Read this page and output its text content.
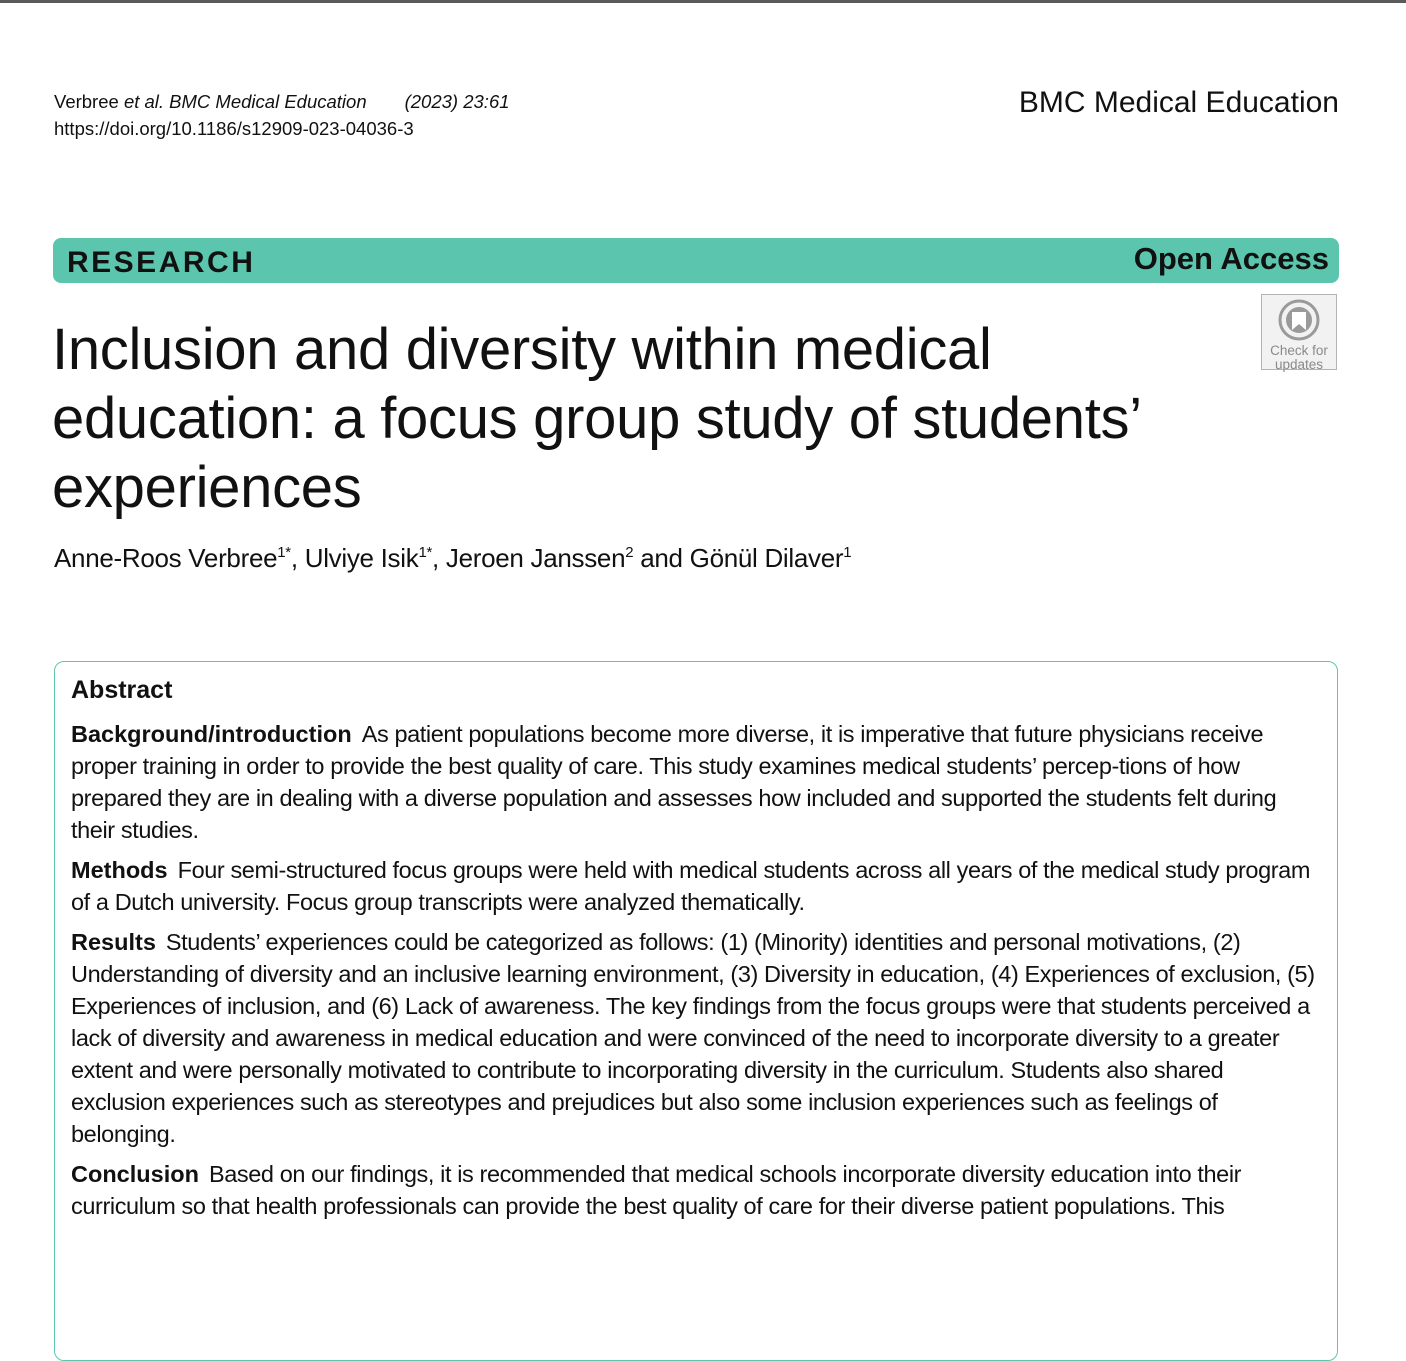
Verbree et al. BMC Medical Education (2023) 23:61
https://doi.org/10.1186/s12909-023-04036-3
BMC Medical Education
RESEARCH	Open Access
Check for
updates
Inclusion and diversity within medical education: a focus group study of students’ experiences
Anne-Roos Verbree$^{1*}$, Ulviye Isik$^{1*}$, Jeroen Janssen$^2$ and Gönül Dilaver$^1$
Abstract

Background/introduction As patient populations become more diverse, it is imperative that future physicians receive proper training in order to provide the best quality of care. This study examines medical students’ percep-tions of how prepared they are in dealing with a diverse population and assesses how included and supported the students felt during their studies.

Methods Four semi-structured focus groups were held with medical students across all years of the medical study program of a Dutch university. Focus group transcripts were analyzed thematically.

Results Students’ experiences could be categorized as follows: (1) (Minority) identities and personal motivations, (2) Understanding of diversity and an inclusive learning environment, (3) Diversity in education, (4) Experiences of exclusion, (5) Experiences of inclusion, and (6) Lack of awareness. The key findings from the focus groups were that students perceived a lack of diversity and awareness in medical education and were convinced of the need to incorporate diversity to a greater extent and were personally motivated to contribute to incorporating diversity in the curriculum. Students also shared exclusion experiences such as stereotypes and prejudices but also some inclusion experiences such as feelings of belonging.

Conclusion Based on our findings, it is recommended that medical schools incorporate diversity education into their curriculum so that health professionals can provide the best quality of care for their diverse patient populations. This
